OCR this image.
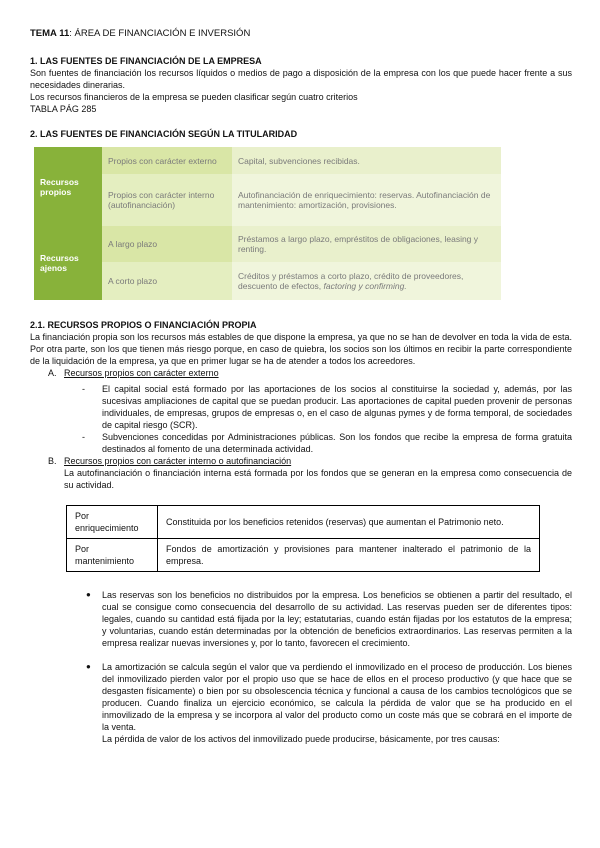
TEMA 11: ÁREA DE FINANCIACIÓN E INVERSIÓN

1. LAS FUENTES DE FINANCIACIÓN DE LA EMPRESA

Son fuentes de financiación los recursos líquidos o medios de pago a disposición de la empresa con los que puede hacer frente a sus necesidades dinerarias.

Los recursos financieros de la empresa se pueden clasificar según cuatro criterios

TABLA PÁG 285

2. LAS FUENTES DE FINANCIACIÓN SEGÚN LA TITULARIDAD

Recursos propios	Propios con carácter externo	Capital, subvenciones recibidas.
	Propios con carácter interno (autofinanciación)	Autofinanciación de enriquecimiento: reservas. Autofinanciación de mantenimiento: amortización, provisiones.
Recursos ajenos	A largo plazo	Préstamos a largo plazo, empréstitos de obligaciones, leasing y renting.
	A corto plazo	Créditos y préstamos a corto plazo, crédito de proveedores, descuento de efectos, factoring y confirming.

2.1. RECURSOS PROPIOS O FINANCIACIÓN PROPIA

La financiación propia son los recursos más estables de que dispone la empresa, ya que no se han de devolver en toda la vida de esta. Por otra parte, son los que tienen más riesgo porque, en caso de quiebra, los socios son los últimos en recibir la parte correspondiente de la liquidación de la empresa, ya que en primer lugar se ha de atender a todos los acreedores.

A. Recursos propios con carácter externo

- El capital social está formado por las aportaciones de los socios al constituirse la sociedad y, además, por las sucesivas ampliaciones de capital que se puedan producir. Las aportaciones de capital pueden provenir de personas individuales, de empresas, grupos de empresas o, en el caso de algunas pymes y de forma temporal, de sociedades de capital riesgo (SCR).

- Subvenciones concedidas por Administraciones públicas. Son los fondos que recibe la empresa de forma gratuita destinados al fomento de una determinada actividad.

B. Recursos propios con carácter interno o autofinanciación

La autofinanciación o financiación interna está formada por los fondos que se generan en la empresa como consecuencia de su actividad.

Por enriquecimiento	Constituida por los beneficios retenidos (reservas) que aumentan el Patrimonio neto.
Por mantenimiento	Fondos de amortización y provisiones para mantener inalterado el patrimonio de la empresa.

● Las reservas son los beneficios no distribuidos por la empresa. Los beneficios se obtienen a partir del resultado, el cual se consigue como consecuencia del desarrollo de su actividad. Las reservas pueden ser de diferentes tipos: legales, cuando su cantidad está fijada por la ley; estatutarias, cuando están fijadas por los estatutos de la empresa; y voluntarias, cuando están determinadas por la obtención de beneficios extraordinarios. Las reservas permiten a la empresa realizar nuevas inversiones y, por lo tanto, favorecen el crecimiento.

● La amortización se calcula según el valor que va perdiendo el inmovilizado en el proceso de producción. Los bienes del inmovilizado pierden valor por el propio uso que se hace de ellos en el proceso productivo (y que hace que se desgasten físicamente) o bien por su obsolescencia técnica y funcional a causa de los cambios tecnológicos que se producen. Cuando finaliza un ejercicio económico, se calcula la pérdida de valor que se ha producido en el inmovilizado de la empresa y se incorpora al valor del producto como un coste más que se cobrará en el importe de la venta.

La pérdida de valor de los activos del inmovilizado puede producirse, básicamente, por tres causas:
